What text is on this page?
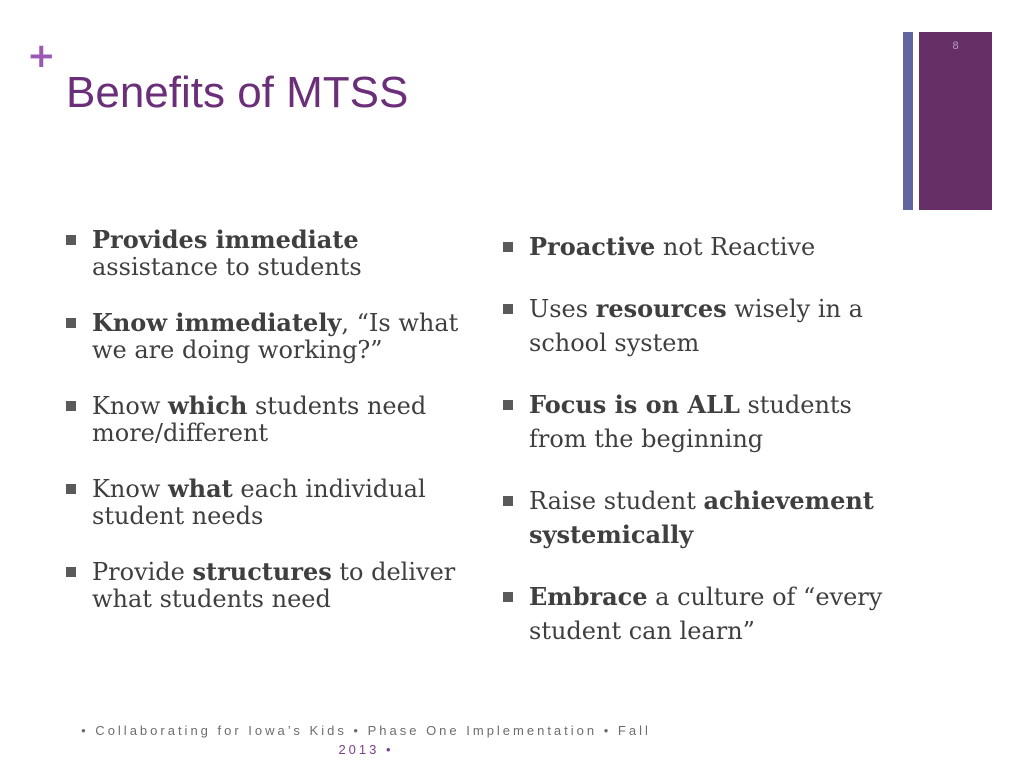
+
Benefits of MTSS
8
Provides immediate assistance to students
Know immediately, “Is what we are doing working?”
Know which students need more/different
Know what each individual student needs
Provide structures to deliver what students need
Proactive not Reactive
Uses resources wisely in a school system
Focus is on ALL students from the beginning
Raise student achievement systemically
Embrace a culture of “every student can learn”
• Collaborating for Iowa’s Kids • Phase One Implementation • Fall
2013 •
